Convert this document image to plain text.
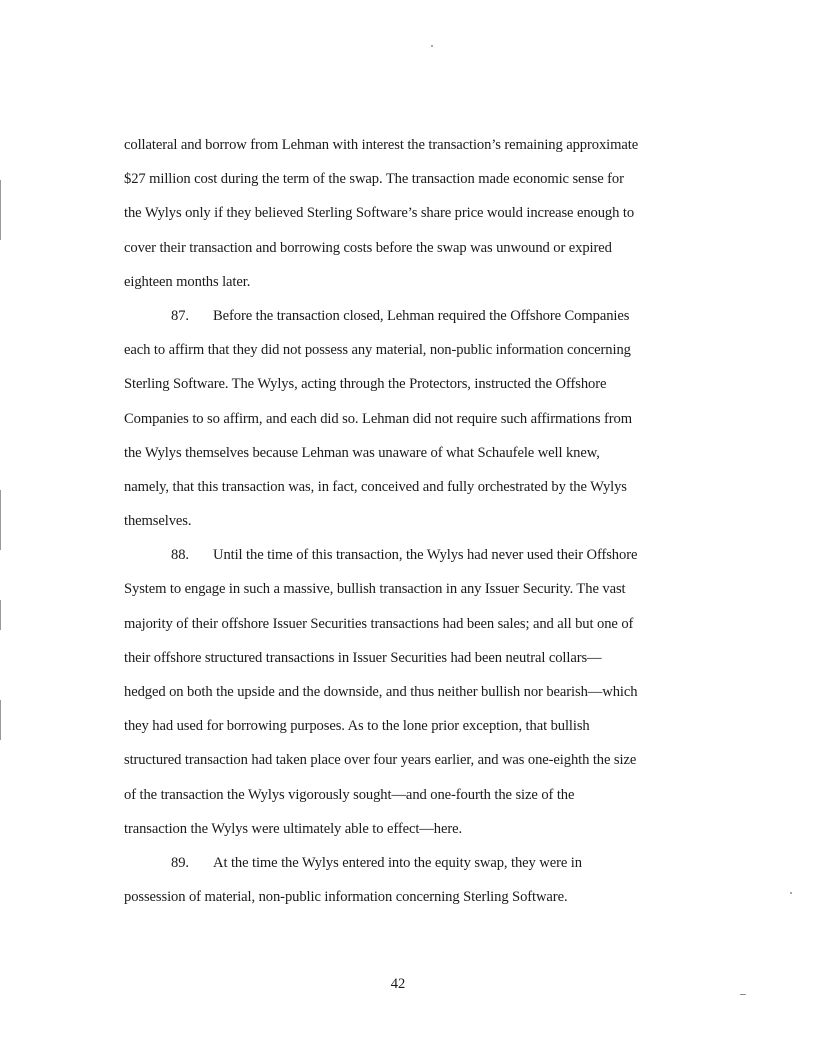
collateral and borrow from Lehman with interest the transaction’s remaining approximate
$27 million cost during the term of the swap. The transaction made economic sense for
the Wylys only if they believed Sterling Software’s share price would increase enough to
cover their transaction and borrowing costs before the swap was unwound or expired
eighteen months later.
87. Before the transaction closed, Lehman required the Offshore Companies
each to affirm that they did not possess any material, non-public information concerning
Sterling Software. The Wylys, acting through the Protectors, instructed the Offshore
Companies to so affirm, and each did so. Lehman did not require such affirmations from
the Wylys themselves because Lehman was unaware of what Schaufele well knew,
namely, that this transaction was, in fact, conceived and fully orchestrated by the Wylys
themselves.
88. Until the time of this transaction, the Wylys had never used their Offshore
System to engage in such a massive, bullish transaction in any Issuer Security. The vast
majority of their offshore Issuer Securities transactions had been sales; and all but one of
their offshore structured transactions in Issuer Securities had been neutral collars—
hedged on both the upside and the downside, and thus neither bullish nor bearish—which
they had used for borrowing purposes. As to the lone prior exception, that bullish
structured transaction had taken place over four years earlier, and was one-eighth the size
of the transaction the Wylys vigorously sought—and one-fourth the size of the
transaction the Wylys were ultimately able to effect—here.
89. At the time the Wylys entered into the equity swap, they were in
possession of material, non-public information concerning Sterling Software.
42
